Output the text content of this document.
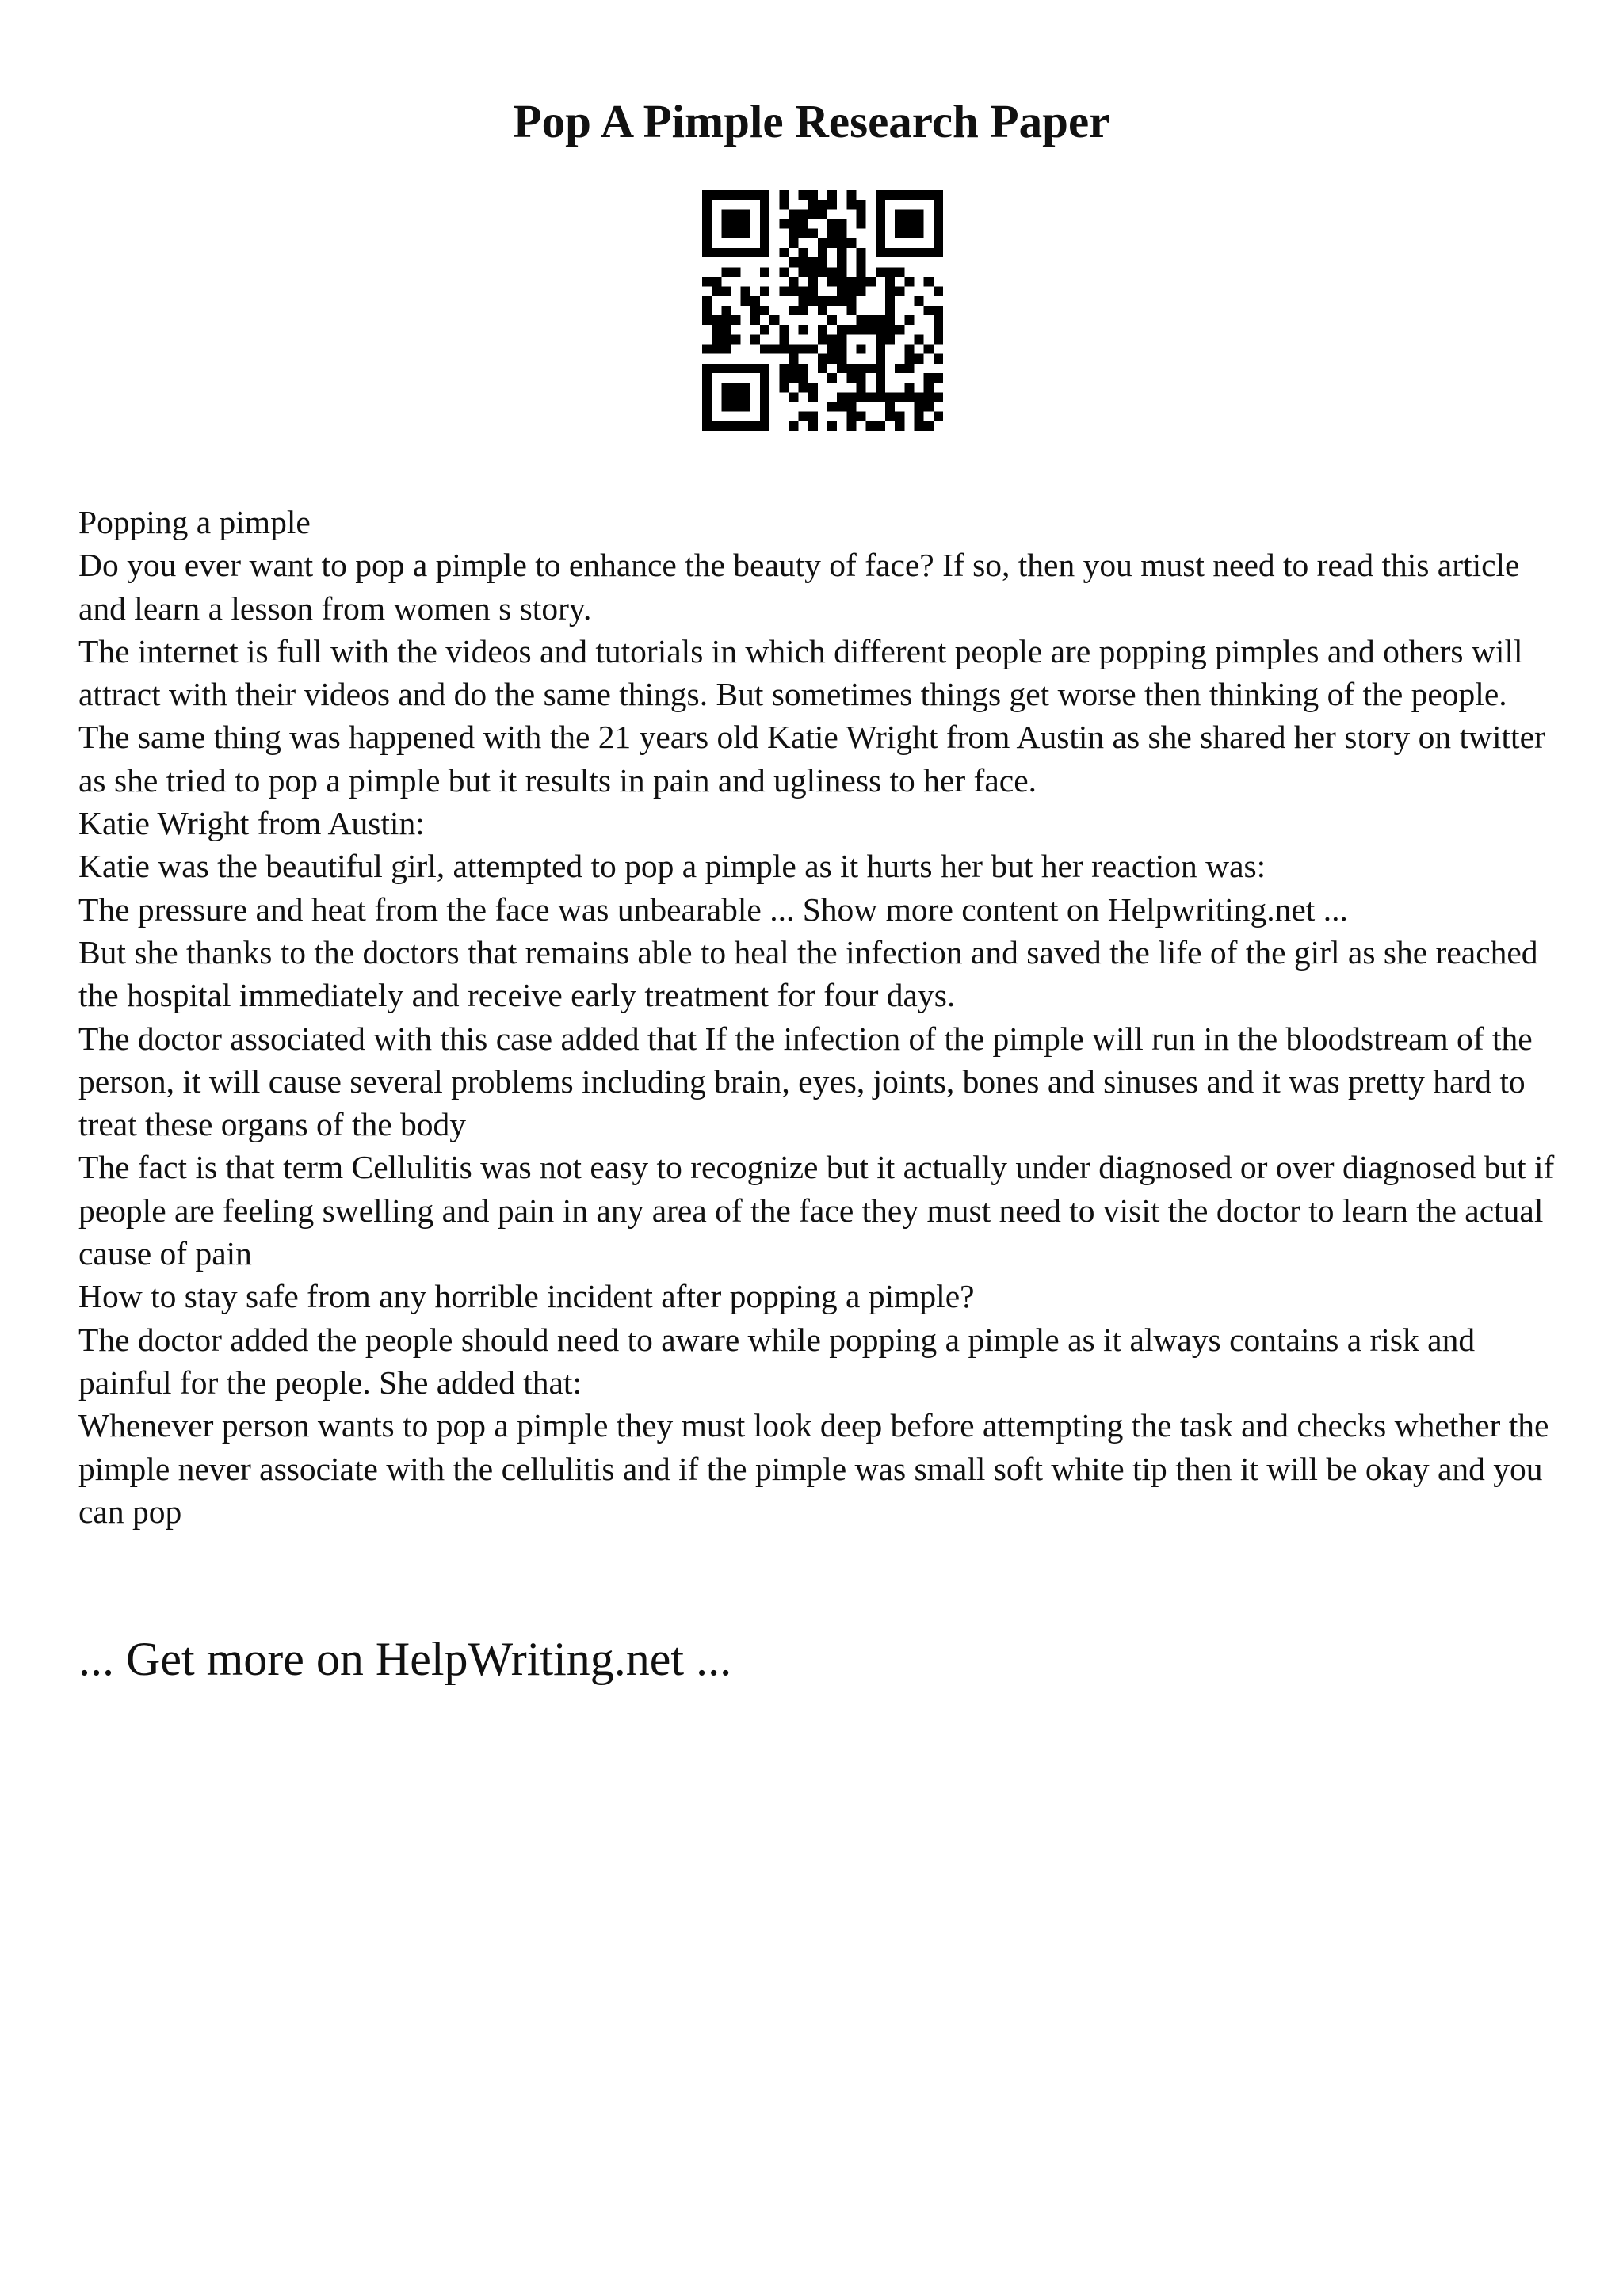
Pop A Pimple Research Paper

Popping a pimple

Do you ever want to pop a pimple to enhance the beauty of face? If so, then you must need to read this article and learn a lesson from women s story.

The internet is full with the videos and tutorials in which different people are popping pimples and others will attract with their videos and do the same things. But sometimes things get worse then thinking of the people.

The same thing was happened with the 21 years old Katie Wright from Austin as she shared her story on twitter as she tried to pop a pimple but it results in pain and ugliness to her face.

Katie Wright from Austin:

Katie was the beautiful girl, attempted to pop a pimple as it hurts her but her reaction was:

The pressure and heat from the face was unbearable ... Show more content on Helpwriting.net ...

But she thanks to the doctors that remains able to heal the infection and saved the life of the girl as she reached the hospital immediately and receive early treatment for four days.

The doctor associated with this case added that If the infection of the pimple will run in the bloodstream of the person, it will cause several problems including brain, eyes, joints, bones and sinuses and it was pretty hard to treat these organs of the body

The fact is that term Cellulitis was not easy to recognize but it actually under diagnosed or over diagnosed but if people are feeling swelling and pain in any area of the face they must need to visit the doctor to learn the actual cause of pain

How to stay safe from any horrible incident after popping a pimple?

The doctor added the people should need to aware while popping a pimple as it always contains a risk and painful for the people. She added that:

Whenever person wants to pop a pimple they must look deep before attempting the task and checks whether the pimple never associate with the cellulitis and if the pimple was small soft white tip then it will be okay and you can pop

... Get more on HelpWriting.net ...
